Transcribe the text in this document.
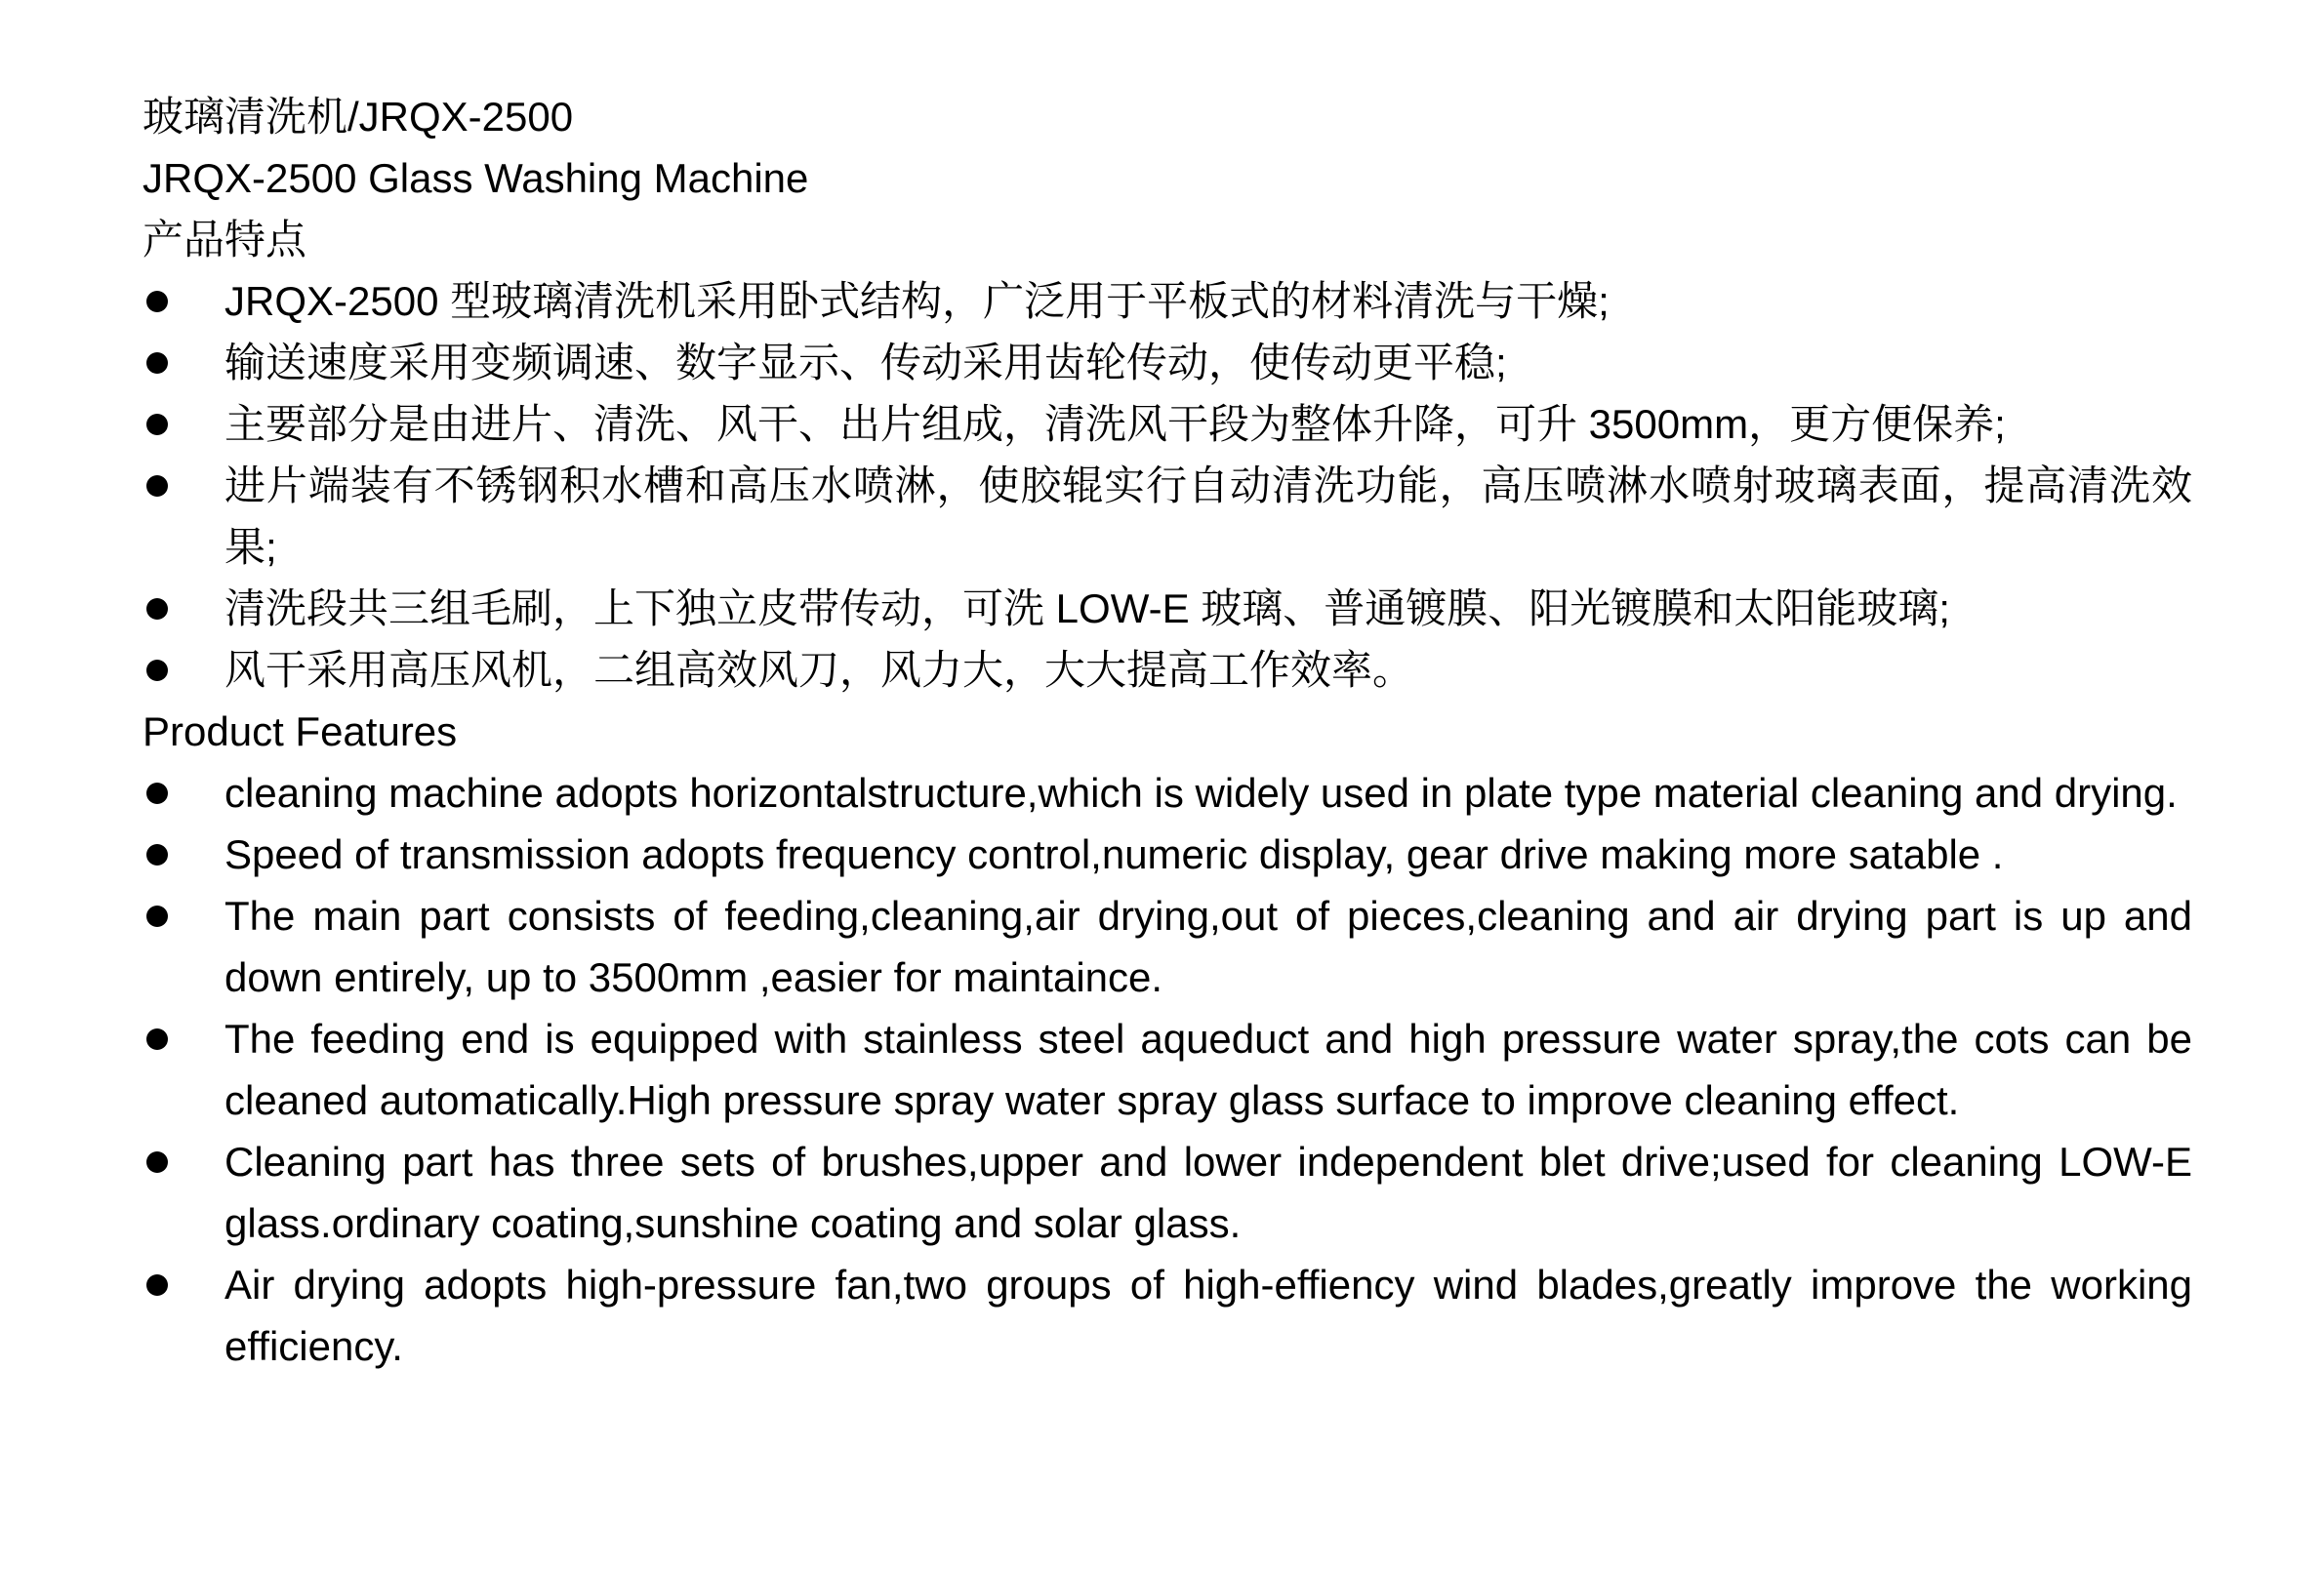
玻璃清洗机/JRQX-2500
JRQX-2500 Glass Washing Machine
产品特点
JRQX-2500 型玻璃清洗机采用卧式结构，广泛用于平板式的材料清洗与干燥;
输送速度采用变频调速、数字显示、传动采用齿轮传动，使传动更平稳;
主要部分是由进片、清洗、风干、出片组成，清洗风干段为整体升降，可升 3500mm，更方便保养;
进片端装有不锈钢积水槽和高压水喷淋，使胶辊实行自动清洗功能，高压喷淋水喷射玻璃表面，提高清洗效果;
清洗段共三组毛刷，上下独立皮带传动，可洗 LOW-E 玻璃、普通镀膜、阳光镀膜和太阳能玻璃;
风干采用高压风机，二组高效风刀，风力大，大大提高工作效率。
Product Features
cleaning machine adopts horizontalstructure,which is widely used in plate type material cleaning and drying.
Speed of transmission adopts frequency control,numeric display, gear drive making more satable .
The main part consists of feeding,cleaning,air drying,out of pieces,cleaning and air drying part is up and down entirely, up to 3500mm ,easier for maintaince.
The feeding end is equipped with stainless steel aqueduct and high pressure water spray,the cots can be cleaned automatically.High pressure spray water spray glass surface to improve cleaning effect.
Cleaning part has three sets of brushes,upper and lower independent blet drive;used for cleaning LOW-E glass.ordinary coating,sunshine coating and solar glass.
Air drying adopts high-pressure fan,two groups of high-effiency wind blades,greatly improve the working efficiency.
